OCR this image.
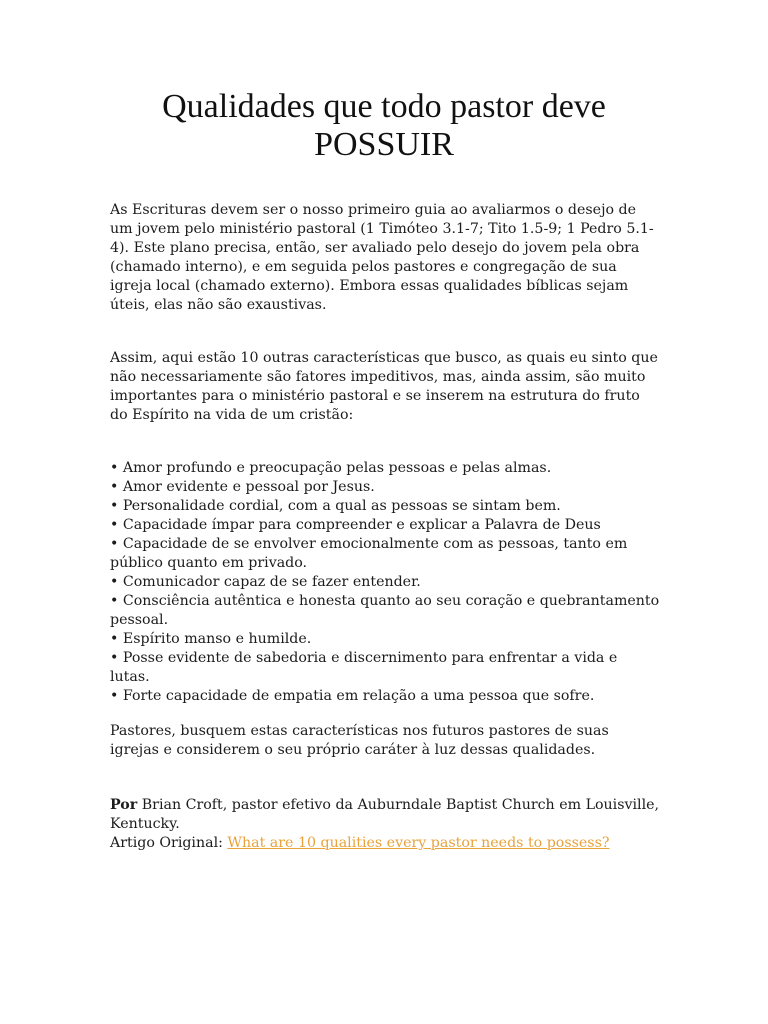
Qualidades que todo pastor deve
POSSUIR

As Escrituras devem ser o nosso primeiro guia ao avaliarmos o desejo de um jovem pelo ministério pastoral (1 Timóteo 3.1-7; Tito 1.5-9; 1 Pedro 5.1-4). Este plano precisa, então, ser avaliado pelo desejo do jovem pela obra (chamado interno), e em seguida pelos pastores e congregação de sua igreja local (chamado externo). Embora essas qualidades bíblicas sejam úteis, elas não são exaustivas.

Assim, aqui estão 10 outras características que busco, as quais eu sinto que não necessariamente são fatores impeditivos, mas, ainda assim, são muito importantes para o ministério pastoral e se inserem na estrutura do fruto do Espírito na vida de um cristão:

• Amor profundo e preocupação pelas pessoas e pelas almas.
• Amor evidente e pessoal por Jesus.
• Personalidade cordial, com a qual as pessoas se sintam bem.
• Capacidade ímpar para compreender e explicar a Palavra de Deus
• Capacidade de se envolver emocionalmente com as pessoas, tanto em público quanto em privado.
• Comunicador capaz de se fazer entender.
• Consciência autêntica e honesta quanto ao seu coração e quebrantamento pessoal.
• Espírito manso e humilde.
• Posse evidente de sabedoria e discernimento para enfrentar a vida e lutas.
• Forte capacidade de empatia em relação a uma pessoa que sofre.

Pastores, busquem estas características nos futuros pastores de suas igrejas e considerem o seu próprio caráter à luz dessas qualidades.

Por Brian Croft, pastor efetivo da Auburndale Baptist Church em Louisville, Kentucky.

Artigo Original: What are 10 qualities every pastor needs to possess?
